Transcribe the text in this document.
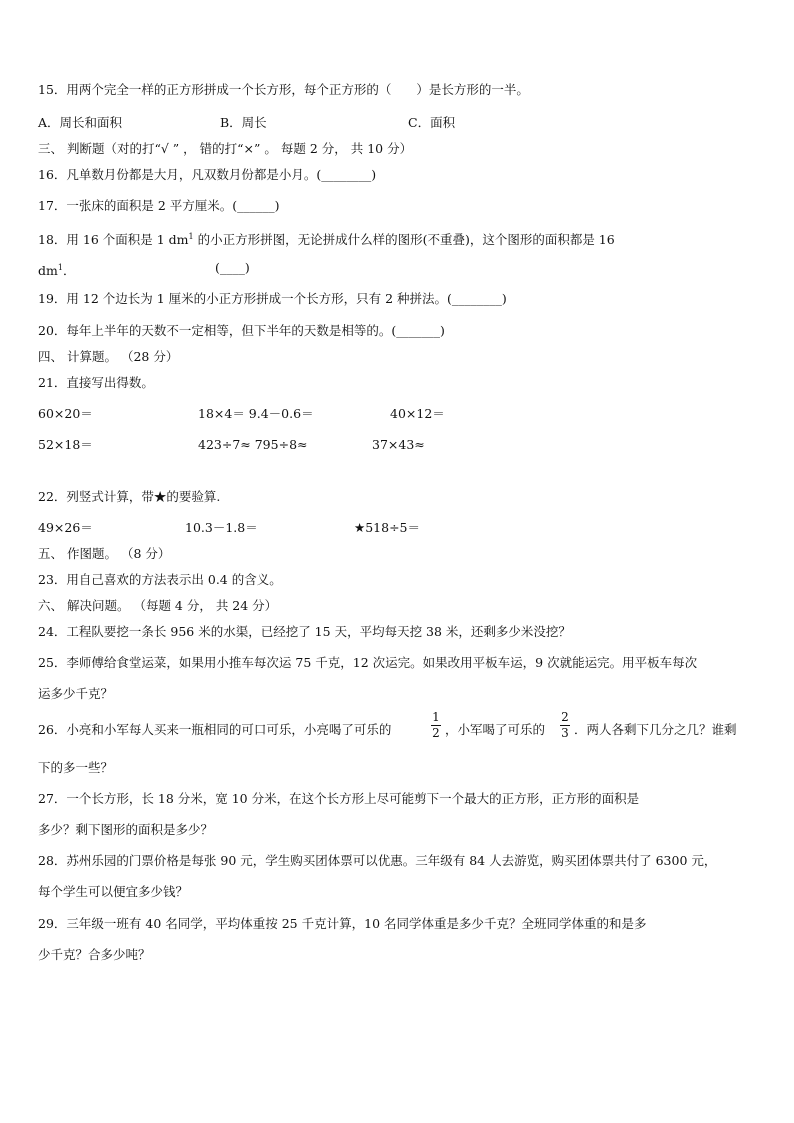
15．用两个完全一样的正方形拼成一个长方形，每个正方形的（　　）是长方形的一半。
A．周长和面积	B．周长	C．面积
三、 判断题（对的打“√ ” ， 错的打“×” 。 每题 2 分， 共 10 分）
16．凡单数月份都是大月，凡双数月份都是小月。(________)
17．一张床的面积是 2 平方厘米。(______)
18．用 16 个面积是 1 $dm^1$ 的小正方形拼图，无论拼成什么样的图形(不重叠)，这个图形的面积都是 16
$dm^1$．	(____)
19．用 12 个边长为 1 厘米的小正方形拼成一个长方形，只有 2 种拼法。(________)
20．每年上半年的天数不一定相等，但下半年的天数是相等的。(_______)
四、 计算题。 （28 分）
21．直接写出得数。
60×20＝	18×4＝ 9.4－0.6＝	40×12＝
52×18＝	423÷7≈ 795÷8≈	37×43≈
22．列竖式计算，带★的要验算.
49×26＝	10.3－1.8＝	★518÷5＝
五、 作图题。 （8 分）
23．用自己喜欢的方法表示出 0.4 的含义。
六、 解决问题。 （每题 4 分， 共 24 分）
24．工程队要挖一条长 956 米的水渠，已经挖了 15 天，平均每天挖 38 米，还剩多少米没挖？
25．李师傅给食堂运菜，如果用小推车每次运 75 千克，12 次运完。如果改用平板车运，9 次就能运完。用平板车每次
运多少千克？
26．小亮和小军每人买来一瓶相同的可口可乐，小亮喝了可乐的
1
2 ，小军喝了可乐的
2
3 ．两人各剩下几分之几？谁剩
下的多一些？
27．一个长方形，长 18 分米，宽 10 分米，在这个长方形上尽可能剪下一个最大的正方形，正方形的面积是
多少？剩下图形的面积是多少？
28．苏州乐园的门票价格是每张 90 元，学生购买团体票可以优惠。三年级有 84 人去游览，购买团体票共付了 6300 元，
每个学生可以便宜多少钱？
29．三年级一班有 40 名同学，平均体重按 25 千克计算，10 名同学体重是多少千克？全班同学体重的和是多
少千克？合多少吨？
